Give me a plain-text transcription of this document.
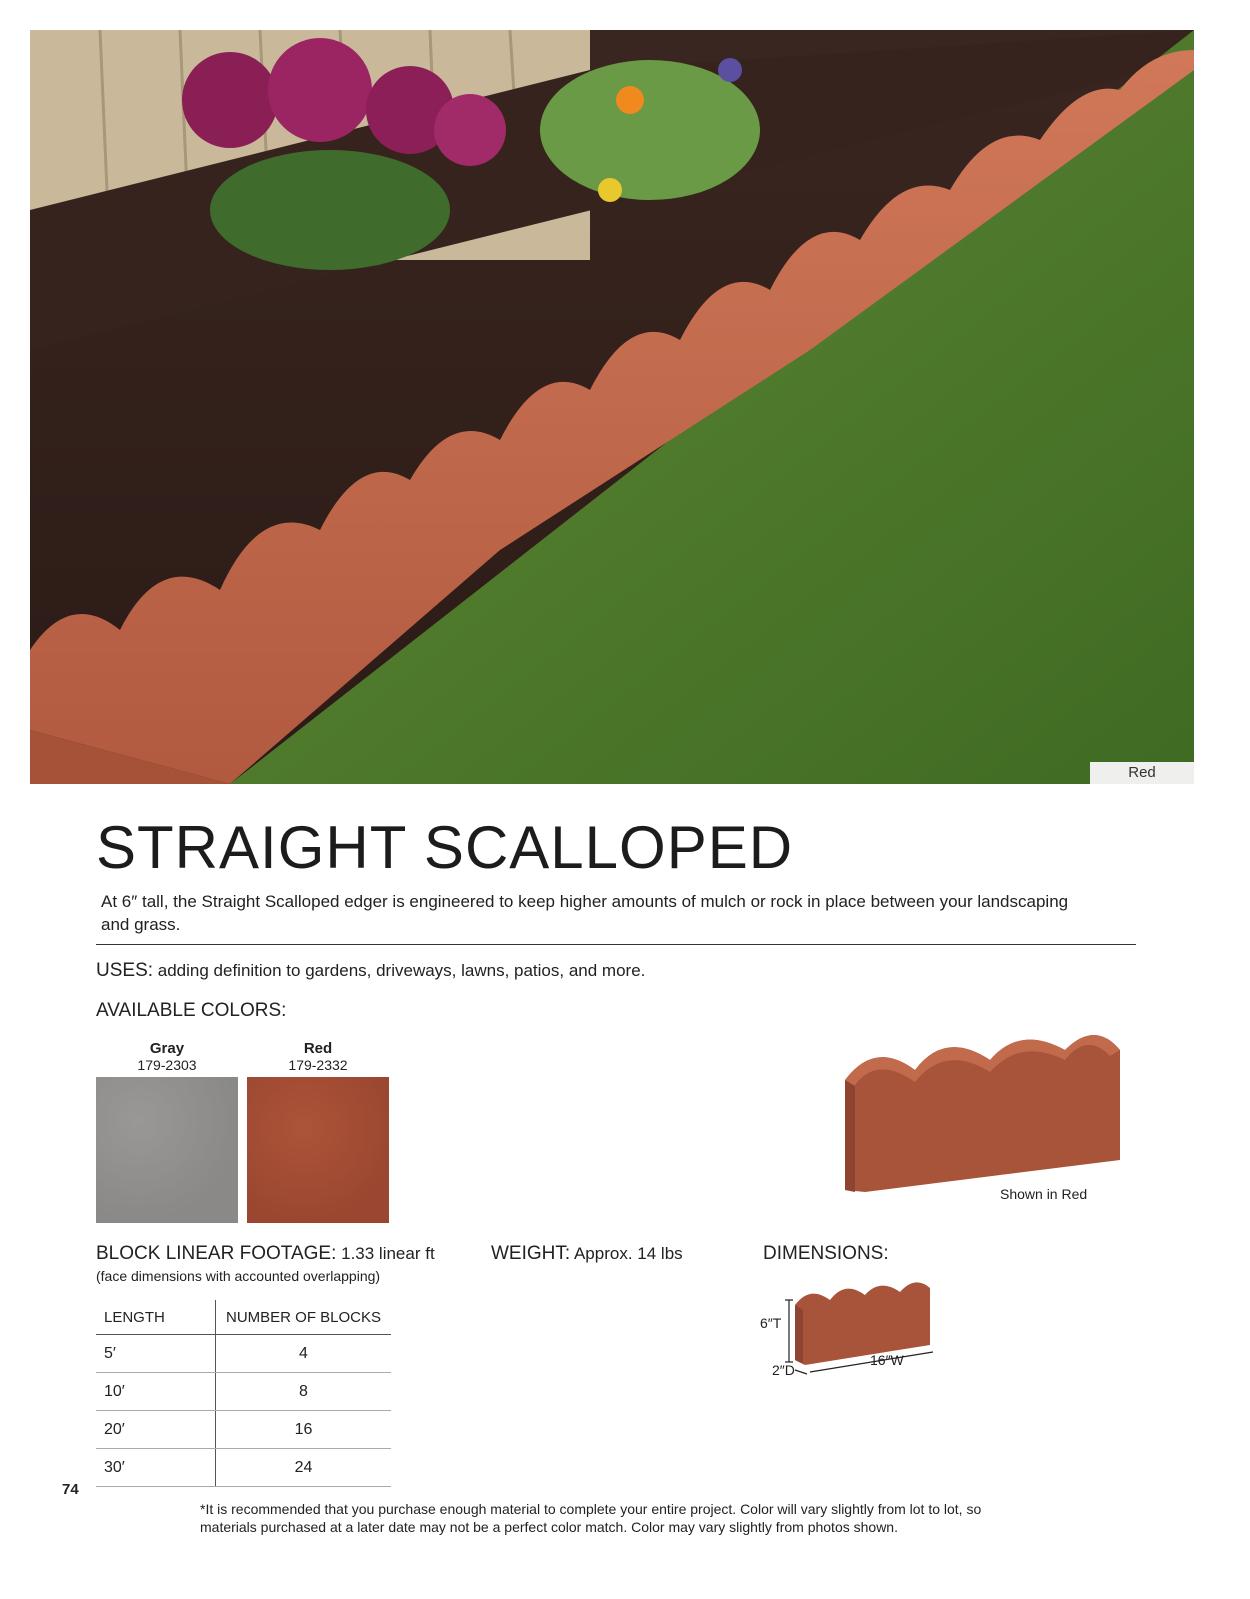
Red
STRAIGHT SCALLOPED
At 6″ tall, the Straight Scalloped edger is engineered to keep higher amounts of mulch or rock in place between your landscaping and grass.
USES: adding definition to gardens, driveways, lawns, patios, and more.
AVAILABLE COLORS:
Gray
179-2303
Red
179-2332
Shown in Red
BLOCK LINEAR FOOTAGE: 1.33 linear ft
(face dimensions with accounted overlapping)
WEIGHT: Approx. 14 lbs	DIMENSIONS:
6″T
2″D
16″W
LENGTH	NUMBER OF BLOCKS
5′	4
10′	8
20′	16
30′	24
74
*It is recommended that you purchase enough material to complete your entire project. Color will vary slightly from lot to lot, so materials purchased at a later date may not be a perfect color match. Color may vary slightly from photos shown.
